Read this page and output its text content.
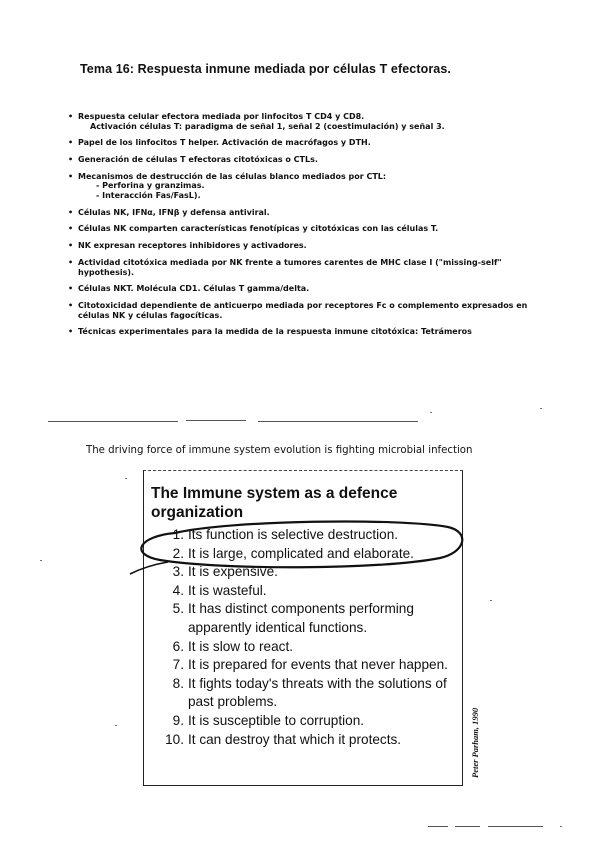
Tema 16: Respuesta inmune mediada por células T efectoras.
• Respuesta celular efectora mediada por linfocitos T CD4 y CD8.
Activación células T: paradigma de señal 1, señal 2 (coestimulación) y señal 3.
• Papel de los linfocitos T helper. Activación de macrófagos y DTH.
• Generación de células T efectoras citotóxicas o CTLs.
• Mecanismos de destrucción de las células blanco mediados por CTL:
- Perforina y granzimas.
- Interacción Fas/FasL).
• Células NK, IFNα, IFNβ y defensa antiviral.
• Células NK comparten características fenotípicas y citotóxicas con las células T.
• NK expresan receptores inhibidores y activadores.
• Actividad citotóxica mediada por NK frente a tumores carentes de MHC clase I ("missing-self" hypothesis).
• Células NKT. Molécula CD1. Células T gamma/delta.
• Citotoxicidad dependiente de anticuerpo mediada por receptores Fc o complemento expresados en células NK y células fagocíticas.
• Técnicas experimentales para la medida de la respuesta inmune citotóxica: Tetrámeros
The driving force of immune system evolution is fighting microbial infection
The Immune system as a defence organization
1. Its function is selective destruction.
2. It is large, complicated and elaborate.
3. It is expensive.
4. It is wasteful.
5. It has distinct components performing apparently identical functions.
6. It is slow to react.
7. It is prepared for events that never happen.
8. It fights today's threats with the solutions of past problems.
9. It is susceptible to corruption.
10. It can destroy that which it protects.	Peter Parham, 1990
